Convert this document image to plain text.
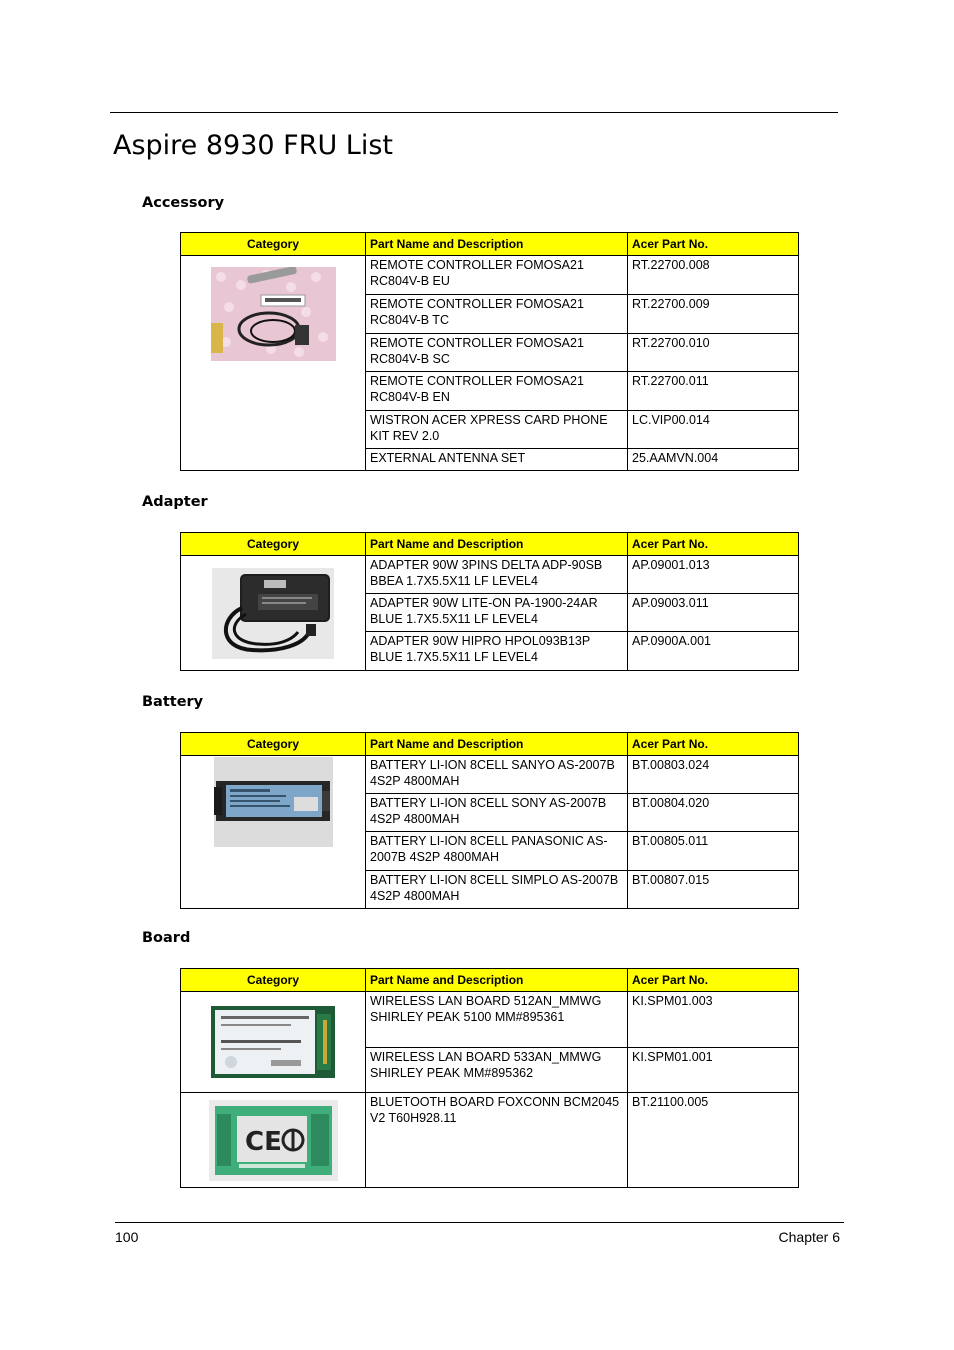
Aspire 8930 FRU List
Accessory
Category	Part Name and Description	Acer Part No.

	REMOTE CONTROLLER FOMOSA21 RC804V-B EU	RT.22700.008
	REMOTE CONTROLLER FOMOSA21 RC804V-B TC	RT.22700.009
	REMOTE CONTROLLER FOMOSA21 RC804V-B SC	RT.22700.010
	REMOTE CONTROLLER FOMOSA21 RC804V-B EN	RT.22700.011
	WISTRON ACER XPRESS CARD PHONE KIT REV 2.0	LC.VIP00.014
	EXTERNAL ANTENNA SET	25.AAMVN.004
Adapter
Category	Part Name and Description	Acer Part No.

	ADAPTER 90W 3PINS DELTA ADP-90SB BBEA 1.7X5.5X11 LF LEVEL4	AP.09001.013
	ADAPTER 90W LITE-ON PA-1900-24AR BLUE 1.7X5.5X11 LF LEVEL4	AP.09003.011
	ADAPTER 90W HIPRO HPOL093B13P BLUE 1.7X5.5X11 LF LEVEL4	AP.0900A.001
Battery
Category	Part Name and Description	Acer Part No.

	BATTERY LI-ION 8CELL SANYO AS-2007B 4S2P 4800MAH	BT.00803.024
	BATTERY LI-ION 8CELL SONY AS-2007B 4S2P 4800MAH	BT.00804.020
	BATTERY LI-ION 8CELL PANASONIC AS-2007B 4S2P 4800MAH	BT.00805.011
	BATTERY LI-ION 8CELL SIMPLO AS-2007B 4S2P 4800MAH	BT.00807.015
Board
Category	Part Name and Description	Acer Part No.

	WIRELESS LAN BOARD 512AN_MMWG SHIRLEY PEAK 5100 MM#895361	KI.SPM01.003
	WIRELESS LAN BOARD 533AN_MMWG SHIRLEY PEAK MM#895362	KI.SPM01.001

CE	BLUETOOTH BOARD FOXCONN BCM2045 V2 T60H928.11	BT.21100.005
100	Chapter 6
